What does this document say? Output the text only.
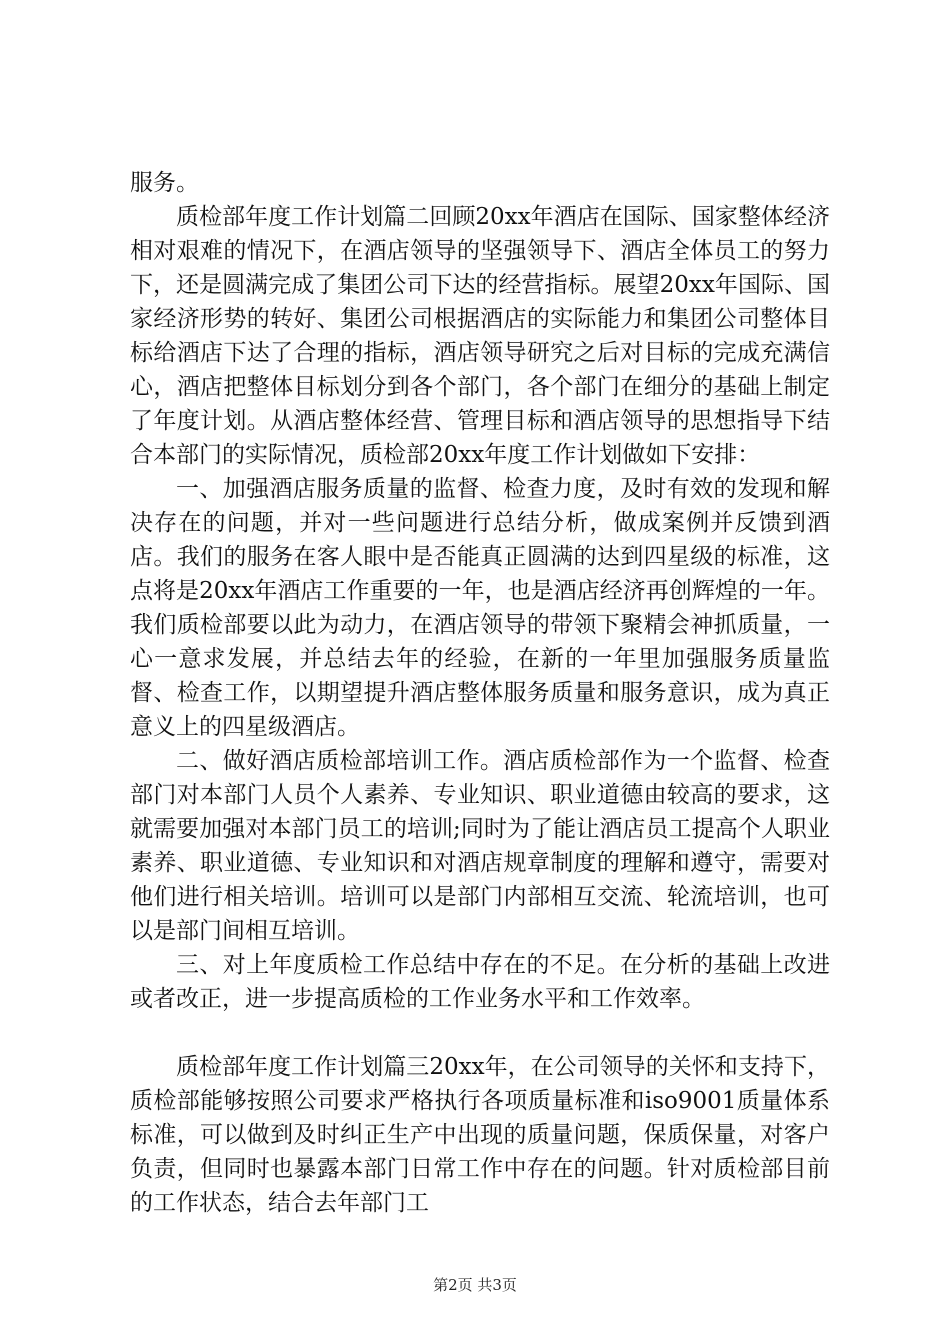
服务。

质检部年度工作计划篇二回顾20xx年酒店在国际、国家整体经济相对艰难的情况下，在酒店领导的坚强领导下、酒店全体员工的努力下，还是圆满完成了集团公司下达的经营指标。展望20xx年国际、国家经济形势的转好、集团公司根据酒店的实际能力和集团公司整体目标给酒店下达了合理的指标，酒店领导研究之后对目标的完成充满信心，酒店把整体目标划分到各个部门，各个部门在细分的基础上制定了年度计划。从酒店整体经营、管理目标和酒店领导的思想指导下结合本部门的实际情况，质检部20xx年度工作计划做如下安排：

一、加强酒店服务质量的监督、检查力度，及时有效的发现和解决存在的问题，并对一些问题进行总结分析，做成案例并反馈到酒店。我们的服务在客人眼中是否能真正圆满的达到四星级的标准，这点将是20xx年酒店工作重要的一年，也是酒店经济再创辉煌的一年。我们质检部要以此为动力，在酒店领导的带领下聚精会神抓质量，一心一意求发展，并总结去年的经验，在新的一年里加强服务质量监督、检查工作，以期望提升酒店整体服务质量和服务意识，成为真正意义上的四星级酒店。

二、做好酒店质检部培训工作。酒店质检部作为一个监督、检查部门对本部门人员个人素养、专业知识、职业道德由较高的要求，这就需要加强对本部门员工的培训;同时为了能让酒店员工提高个人职业素养、职业道德、专业知识和对酒店规章制度的理解和遵守，需要对他们进行相关培训。培训可以是部门内部相互交流、轮流培训，也可以是部门间相互培训。

三、对上年度质检工作总结中存在的不足。在分析的基础上改进或者改正，进一步提高质检的工作业务水平和工作效率。

质检部年度工作计划篇三20xx年，在公司领导的关怀和支持下，质检部能够按照公司要求严格执行各项质量标准和iso9001质量体系标准，可以做到及时纠正生产中出现的质量问题，保质保量，对客户负责，但同时也暴露本部门日常工作中存在的问题。针对质检部目前的工作状态，结合去年部门工

第2页 共3页
